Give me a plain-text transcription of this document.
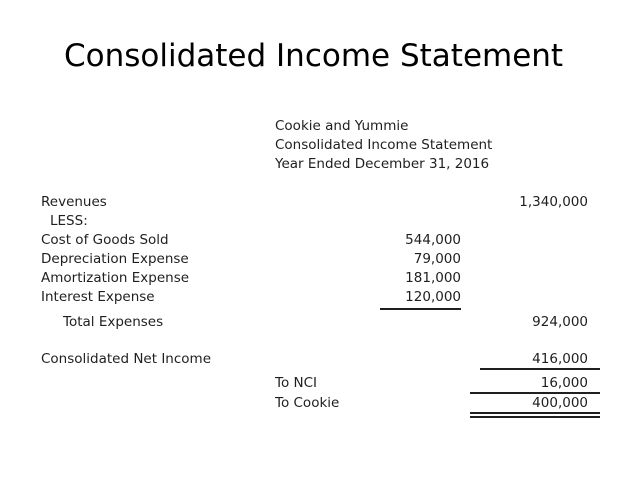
Consolidated Income Statement
Cookie and Yummie
Consolidated Income Statement
Year Ended December 31, 2016
Revenues	1,340,000
LESS:
Cost of Goods Sold	544,000
Depreciation Expense	79,000
Amortization Expense	181,000
Interest Expense	120,000
Total Expenses	924,000
Consolidated Net Income	416,000
To NCI	16,000
To Cookie	400,000
